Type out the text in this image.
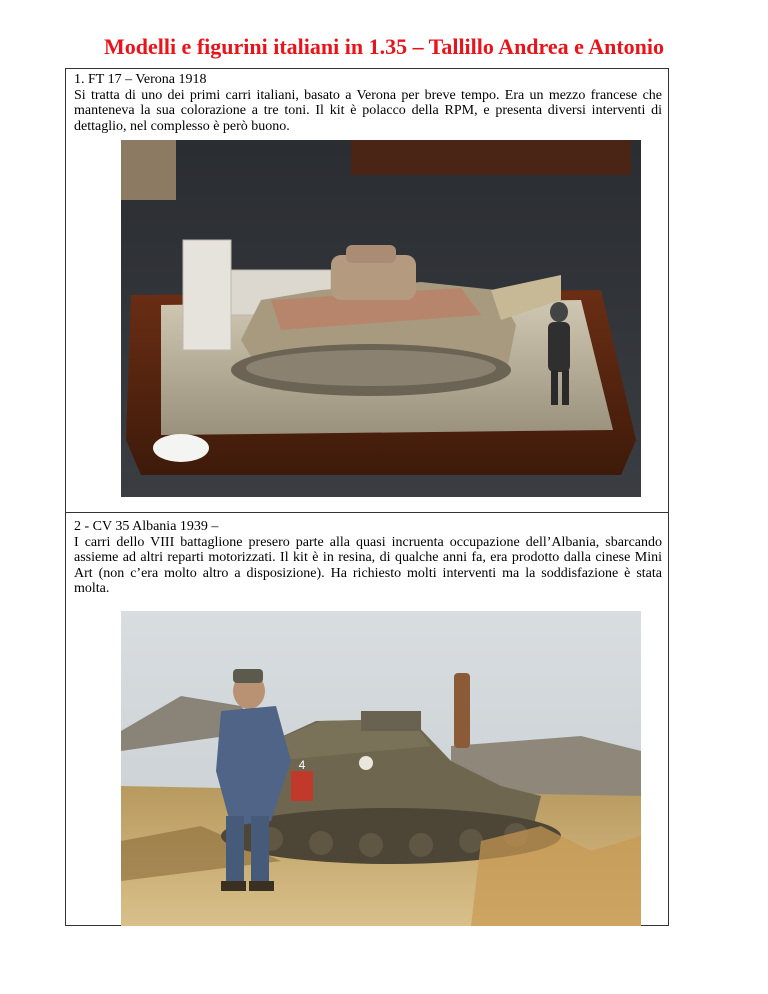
Modelli e figurini italiani in 1.35 – Tallillo Andrea e Antonio
1. FT 17 – Verona 1918
Si tratta di uno dei primi carri italiani, basato a Verona per breve tempo. Era un mezzo francese che manteneva la sua colorazione a tre toni. Il kit è polacco della RPM, e presenta diversi interventi di dettaglio, nel complesso è però buono.
2 - CV 35 Albania 1939 –
I carri dello VIII battaglione presero parte alla quasi incruenta occupazione dell’Albania, sbarcando assieme ad altri reparti motorizzati. Il kit è in resina, di qualche anni fa, era prodotto dalla cinese Mini Art (non c’era molto altro a disposizione). Ha richiesto molti interventi ma la soddisfazione è stata molta.
4
